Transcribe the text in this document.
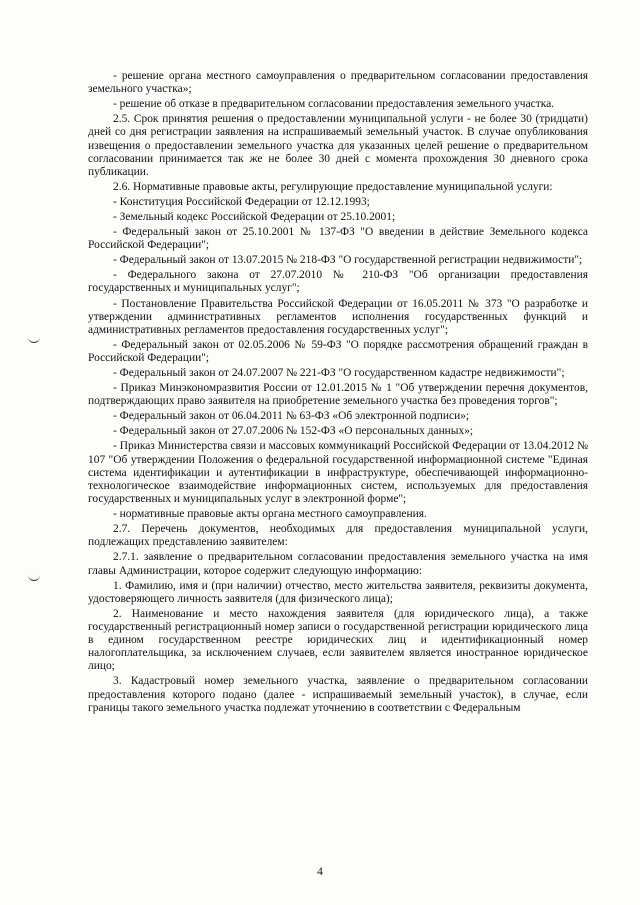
- решение органа местного самоуправления о предварительном согласовании предоставления земельного участка»;

- решение об отказе в предварительном согласовании предоставления земельного участка.

2.5. Срок принятия решения о предоставлении муниципальной услуги - не более 30 (тридцати) дней со дня регистрации заявления на испрашиваемый земельный участок. В случае опубликования извещения о предоставлении земельного участка для указанных целей решение о предварительном согласовании принимается так же не более 30 дней с момента прохождения 30 дневного срока публикации.

2.6. Нормативные правовые акты, регулирующие предоставление муниципальной услуги:

- Конституция Российской Федерации от 12.12.1993;

- Земельный кодекс Российской Федерации от 25.10.2001;

- Федеральный закон от 25.10.2001 № 137-ФЗ "О введении в действие Земельного кодекса Российской Федерации";

- Федеральный закон от 13.07.2015 № 218-ФЗ "О государственной регистрации недвижимости";

- Федерального закона от 27.07.2010 № 210-ФЗ "Об организации предоставления государственных и муниципальных услуг";

- Постановление Правительства Российской Федерации от 16.05.2011 № 373 "О разработке и утверждении административных регламентов исполнения государственных функций и административных регламентов предоставления государственных услуг";

- Федеральный закон от 02.05.2006 № 59-ФЗ "О порядке рассмотрения обращений граждан в Российской Федерации";

- Федеральный закон от 24.07.2007 № 221-ФЗ "О государственном кадастре недвижимости";

- Приказ Минэкономразвития России от 12.01.2015 № 1 "Об утверждении перечня документов, подтверждающих право заявителя на приобретение земельного участка без проведения торгов";

- Федеральный закон от 06.04.2011 № 63-ФЗ «Об электронной подписи»;

- Федеральный закон от 27.07.2006 № 152-ФЗ «О персональных данных»;

- Приказ Министерства связи и массовых коммуникаций Российской Федерации от 13.04.2012 № 107 "Об утверждении Положения о федеральной государственной информационной системе "Единая система идентификации и аутентификации в инфраструктуре, обеспечивающей информационно-технологическое взаимодействие информационных систем, используемых для предоставления государственных и муниципальных услуг в электронной форме";

- нормативные правовые акты органа местного самоуправления.

2.7. Перечень документов, необходимых для предоставления муниципальной услуги, подлежащих представлению заявителем:

2.7.1. заявление о предварительном согласовании предоставления земельного участка на имя главы Администрации, которое содержит следующую информацию:

1. Фамилию, имя и (при наличии) отчество, место жительства заявителя, реквизиты документа, удостоверяющего личность заявителя (для физического лица);

2. Наименование и место нахождения заявителя (для юридического лица), а также государственный регистрационный номер записи о государственной регистрации юридического лица в едином государственном реестре юридических лиц и идентификационный номер налогоплательщика, за исключением случаев, если заявителем является иностранное юридическое лицо;

3. Кадастровый номер земельного участка, заявление о предварительном согласовании предоставления которого подано (далее - испрашиваемый земельный участок), в случае, если границы такого земельного участка подлежат уточнению в соответствии с Федеральным

4
